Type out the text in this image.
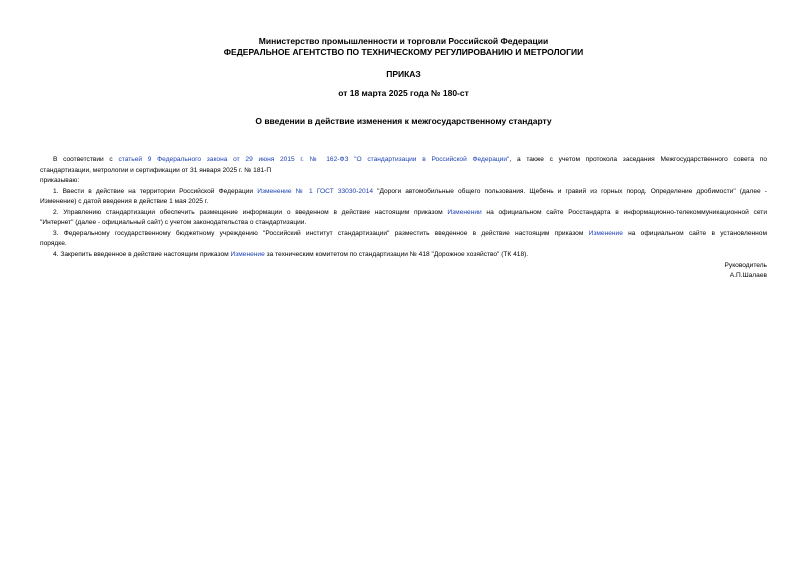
Министерство промышленности и торговли Российской Федерации
ФЕДЕРАЛЬНОЕ АГЕНТСТВО ПО ТЕХНИЧЕСКОМУ РЕГУЛИРОВАНИЮ И МЕТРОЛОГИИ
ПРИКАЗ
от 18 марта 2025 года № 180-ст
О введении в действие изменения к межгосударственному стандарту

В соответствии с статьей 9 Федерального закона от 29 июня 2015 г. № 162-ФЗ "О стандартизации в Российской Федерации", а также с учетом протокола заседания Межгосударственного совета по

стандартизации, метрологии и сертификации от 31 января 2025 г. № 181-П

приказываю:

1. Ввести в действие на территории Российской Федерации Изменение № 1 ГОСТ 33030-2014 "Дороги автомобильные общего пользования. Щебень и гравий из горных пород. Определение дробимости" (далее -

Изменение) с датой введения в действие 1 мая 2025 г.

2. Управлению стандартизации обеспечить размещение информации о введенном в действие настоящим приказом Изменении на официальном сайте Росстандарта в информационно-телекоммуникационной сети

"Интернет" (далее - официальный сайт) с учетом законодательства о стандартизации.

3. Федеральному государственному бюджетному учреждению "Российский институт стандартизации" разместить введенное в действие настоящим приказом Изменение на официальном сайте в установленном

порядке.

4. Закрепить введенное в действие настоящим приказом Изменение за техническим комитетом по стандартизации № 418 "Дорожное хозяйство" (ТК 418).

Руководитель
А.П.Шалаев
